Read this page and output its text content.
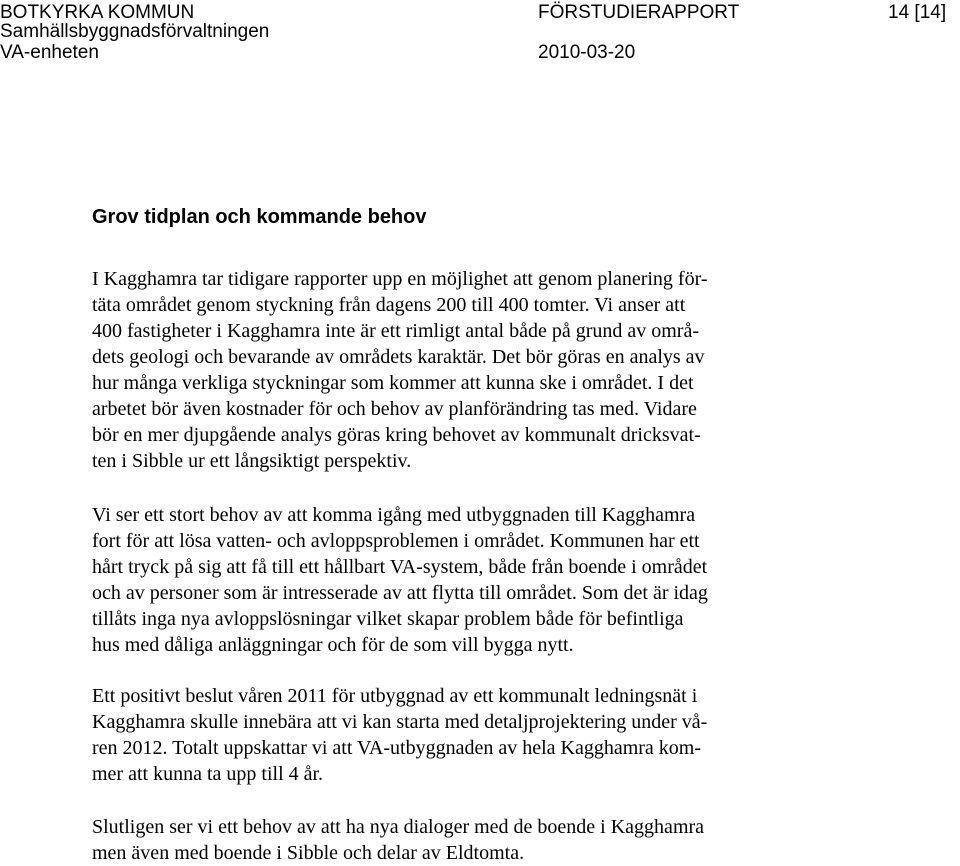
BOTKYRKA KOMMUN
Samhällsbyggnadsförvaltningen
VA-enheten
FÖRSTUDIERAPPORT
2010-03-20
14 [14]
Grov tidplan och kommande behov
I Kagghamra tar tidigare rapporter upp en möjlighet att genom planering för-
täta området genom styckning från dagens 200 till 400 tomter. Vi anser att
400 fastigheter i Kagghamra inte är ett rimligt antal både på grund av områ-
dets geologi och bevarande av områdets karaktär. Det bör göras en analys av
hur många verkliga styckningar som kommer att kunna ske i området. I det
arbetet bör även kostnader för och behov av planförändring tas med. Vidare
bör en mer djupgående analys göras kring behovet av kommunalt dricksvat-
ten i Sibble ur ett långsiktigt perspektiv.
Vi ser ett stort behov av att komma igång med utbyggnaden till Kagghamra
fort för att lösa vatten- och avloppsproblemen i området. Kommunen har ett
hårt tryck på sig att få till ett hållbart VA-system, både från boende i området
och av personer som är intresserade av att flytta till området. Som det är idag
tillåts inga nya avloppslösningar vilket skapar problem både för befintliga
hus med dåliga anläggningar och för de som vill bygga nytt.
Ett positivt beslut våren 2011 för utbyggnad av ett kommunalt ledningsnät i
Kagghamra skulle innebära att vi kan starta med detaljprojektering under vå-
ren 2012. Totalt uppskattar vi att VA-utbyggnaden av hela Kagghamra kom-
mer att kunna ta upp till 4 år.
Slutligen ser vi ett behov av att ha nya dialoger med de boende i Kagghamra
men även med boende i Sibble och delar av Eldtomta.
